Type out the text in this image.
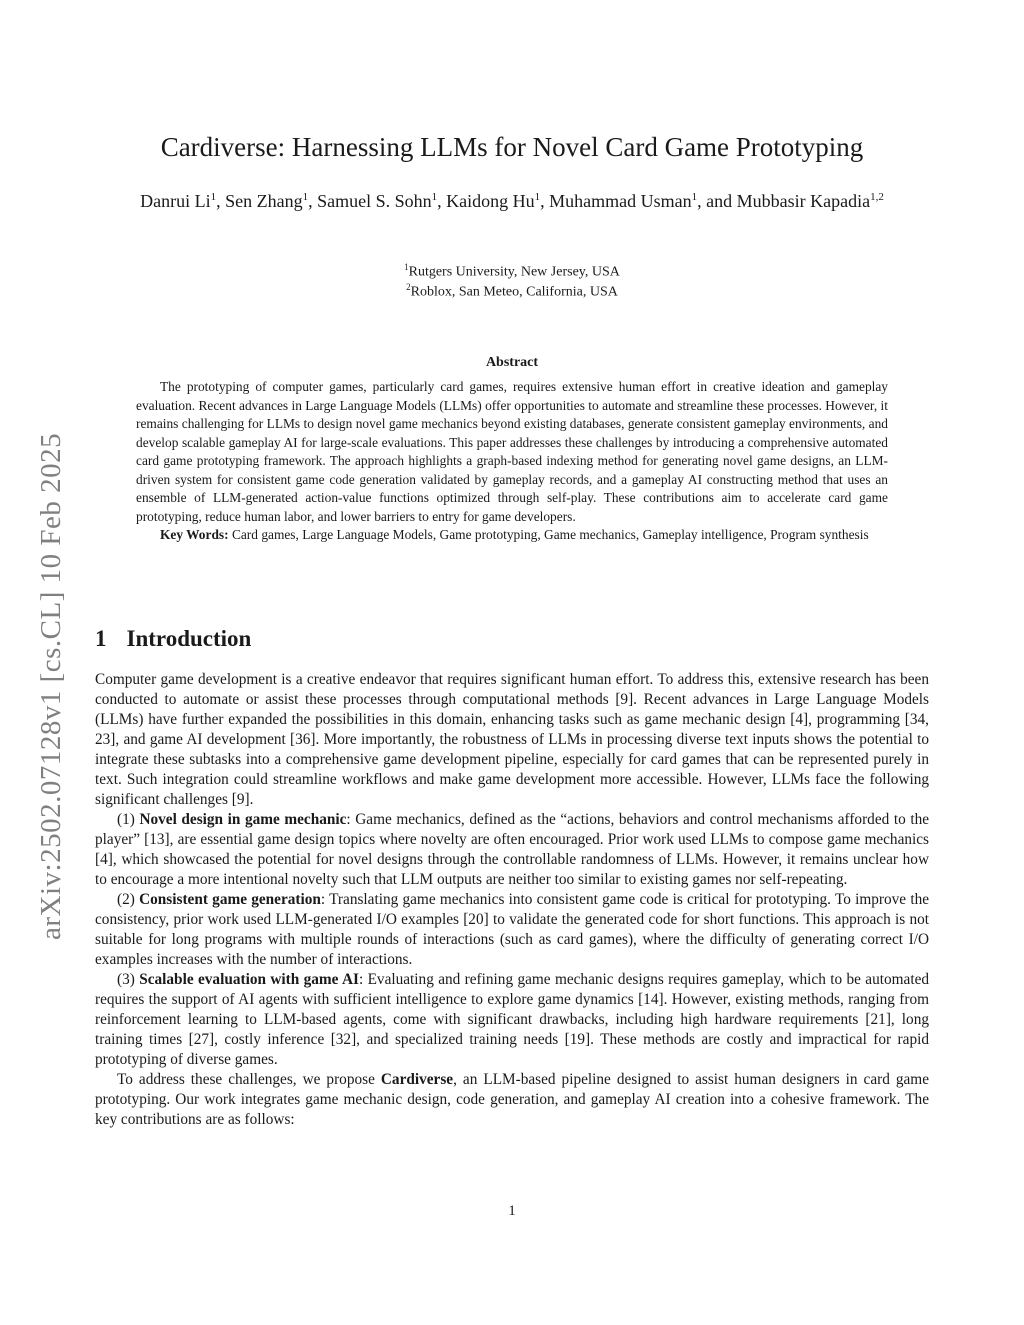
arXiv:2502.07128v1 [cs.CL] 10 Feb 2025
Cardiverse: Harnessing LLMs for Novel Card Game Prototyping
Danrui Li$^1$, Sen Zhang$^1$, Samuel S. Sohn$^1$, Kaidong Hu$^1$, Muhammad Usman$^1$, and Mubbasir Kapadia$^{1,2}$
$^1$Rutgers University, New Jersey, USA
$^2$Roblox, San Meteo, California, USA
Abstract

The prototyping of computer games, particularly card games, requires extensive human effort in creative ideation and gameplay evaluation. Recent advances in Large Language Models (LLMs) offer opportunities to automate and streamline these processes. However, it remains challenging for LLMs to design novel game mechanics beyond existing databases, generate consistent gameplay environments, and develop scalable gameplay AI for large-scale evaluations. This paper addresses these challenges by introducing a comprehensive automated card game prototyping framework. The approach highlights a graph-based indexing method for generating novel game designs, an LLM-driven system for consistent game code generation validated by gameplay records, and a gameplay AI constructing method that uses an ensemble of LLM-generated action-value functions optimized through self-play. These contributions aim to accelerate card game prototyping, reduce human labor, and lower barriers to entry for game developers.

Key Words: Card games, Large Language Models, Game prototyping, Game mechanics, Gameplay intelligence, Program synthesis

1 Introduction

Computer game development is a creative endeavor that requires significant human effort. To address this, extensive research has been conducted to automate or assist these processes through computational methods [9]. Recent advances in Large Language Models (LLMs) have further expanded the possibilities in this domain, enhancing tasks such as game mechanic design [4], programming [34, 23], and game AI development [36]. More importantly, the robustness of LLMs in processing diverse text inputs shows the potential to integrate these subtasks into a comprehensive game development pipeline, especially for card games that can be represented purely in text. Such integration could streamline workflows and make game development more accessible. However, LLMs face the following significant challenges [9].

(1) Novel design in game mechanic: Game mechanics, defined as the “actions, behaviors and control mechanisms afforded to the player” [13], are essential game design topics where novelty are often encouraged. Prior work used LLMs to compose game mechanics [4], which showcased the potential for novel designs through the controllable randomness of LLMs. However, it remains unclear how to encourage a more intentional novelty such that LLM outputs are neither too similar to existing games nor self-repeating.

(2) Consistent game generation: Translating game mechanics into consistent game code is critical for prototyping. To improve the consistency, prior work used LLM-generated I/O examples [20] to validate the generated code for short functions. This approach is not suitable for long programs with multiple rounds of interactions (such as card games), where the difficulty of generating correct I/O examples increases with the number of interactions.

(3) Scalable evaluation with game AI: Evaluating and refining game mechanic designs requires gameplay, which to be automated requires the support of AI agents with sufficient intelligence to explore game dynamics [14]. However, existing methods, ranging from reinforcement learning to LLM-based agents, come with significant drawbacks, including high hardware requirements [21], long training times [27], costly inference [32], and specialized training needs [19]. These methods are costly and impractical for rapid prototyping of diverse games.

To address these challenges, we propose Cardiverse, an LLM-based pipeline designed to assist human designers in card game prototyping. Our work integrates game mechanic design, code generation, and gameplay AI creation into a cohesive framework. The key contributions are as follows:

1
